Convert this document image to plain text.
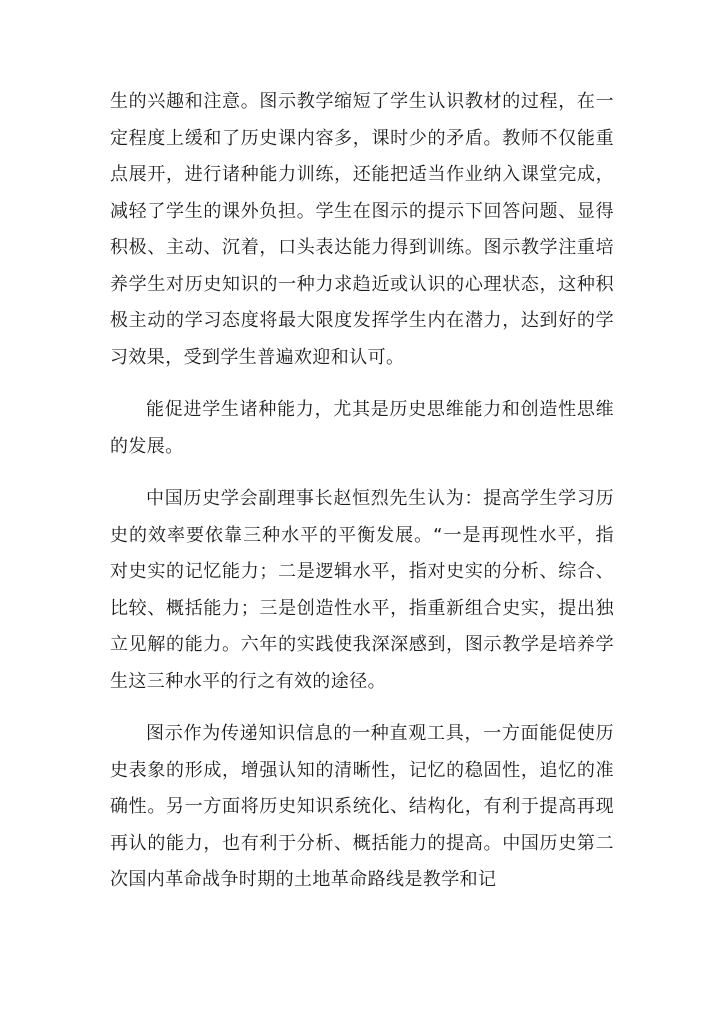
生的兴趣和注意。图示教学缩短了学生认识教材的过程，在一定程度上缓和了历史课内容多，课时少的矛盾。教师不仅能重点展开，进行诸种能力训练，还能把适当作业纳入课堂完成，减轻了学生的课外负担。学生在图示的提示下回答问题、显得积极、主动、沉着，口头表达能力得到训练。图示教学注重培养学生对历史知识的一种力求趋近或认识的心理状态，这种积极主动的学习态度将最大限度发挥学生内在潜力，达到好的学习效果，受到学生普遍欢迎和认可。

能促进学生诸种能力，尤其是历史思维能力和创造性思维的发展。

中国历史学会副理事长赵恒烈先生认为：提高学生学习历史的效率要依靠三种水平的平衡发展。“一是再现性水平，指对史实的记忆能力；二是逻辑水平，指对史实的分析、综合、比较、概括能力；三是创造性水平，指重新组合史实，提出独立见解的能力。六年的实践使我深深感到，图示教学是培养学生这三种水平的行之有效的途径。

图示作为传递知识信息的一种直观工具，一方面能促使历史表象的形成，增强认知的清晰性，记忆的稳固性，追忆的准确性。另一方面将历史知识系统化、结构化，有利于提高再现再认的能力，也有利于分析、概括能力的提高。中国历史第二次国内革命战争时期的土地革命路线是教学和记
